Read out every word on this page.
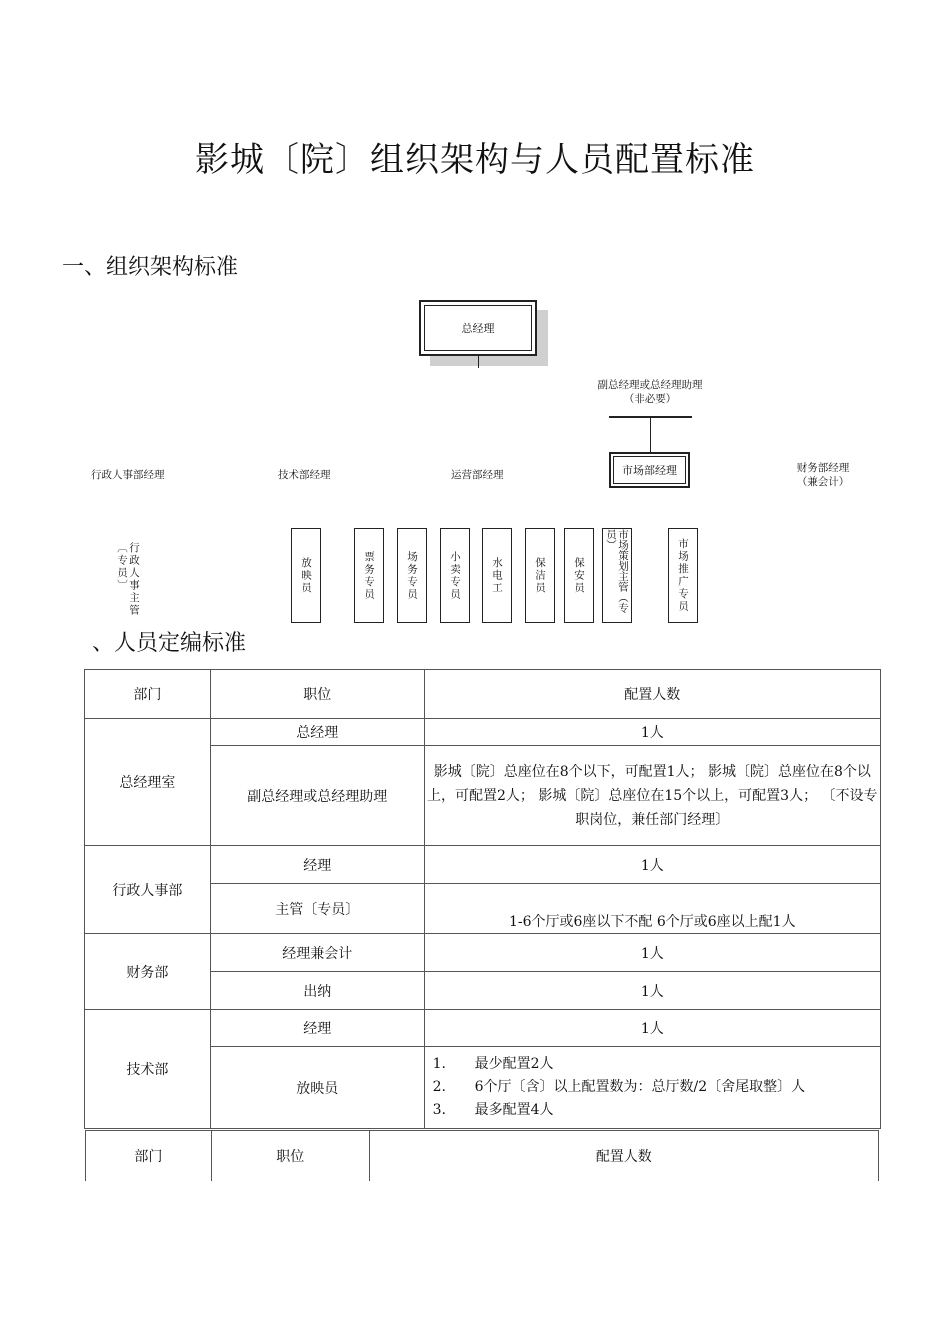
影城〔院〕组织架构与人员配置标准
一、组织架构标准
总经理
副总经理或总经理助理
（非必要）
行政人事部经理	技术部经理	运营部经理	市场部经理	财务部经理
（兼会计）
行政人事主管〔专员〕	放映员	票务专员	场务专员	小卖专员	水电工	保洁员	保安员	市场策划主管（专员）	市场推广专员
、人员定编标准
部门	职位	配置人数
总经理室	总经理	1人
	副总经理或总经理助理	影城〔院〕总座位在8个以下，可配置1人； 影城〔院〕总座位在8个以上，可配置2人； 影城〔院〕总座位在15个以上，可配置3人； 〔不设专职岗位，兼任部门经理〕
行政人事部	经理	1人
	主管〔专员〕	1-6个厅或6座以下不配 6个厅或6座以上配1人
财务部	经理兼会计	1人
	出纳	1人
技术部	经理	1人
	放映员	1. 最少配置2人
2. 6个厅〔含〕以上配置数为：总厅数/2〔舍尾取整〕人
3. 最多配置4人
部门	职位	配置人数
